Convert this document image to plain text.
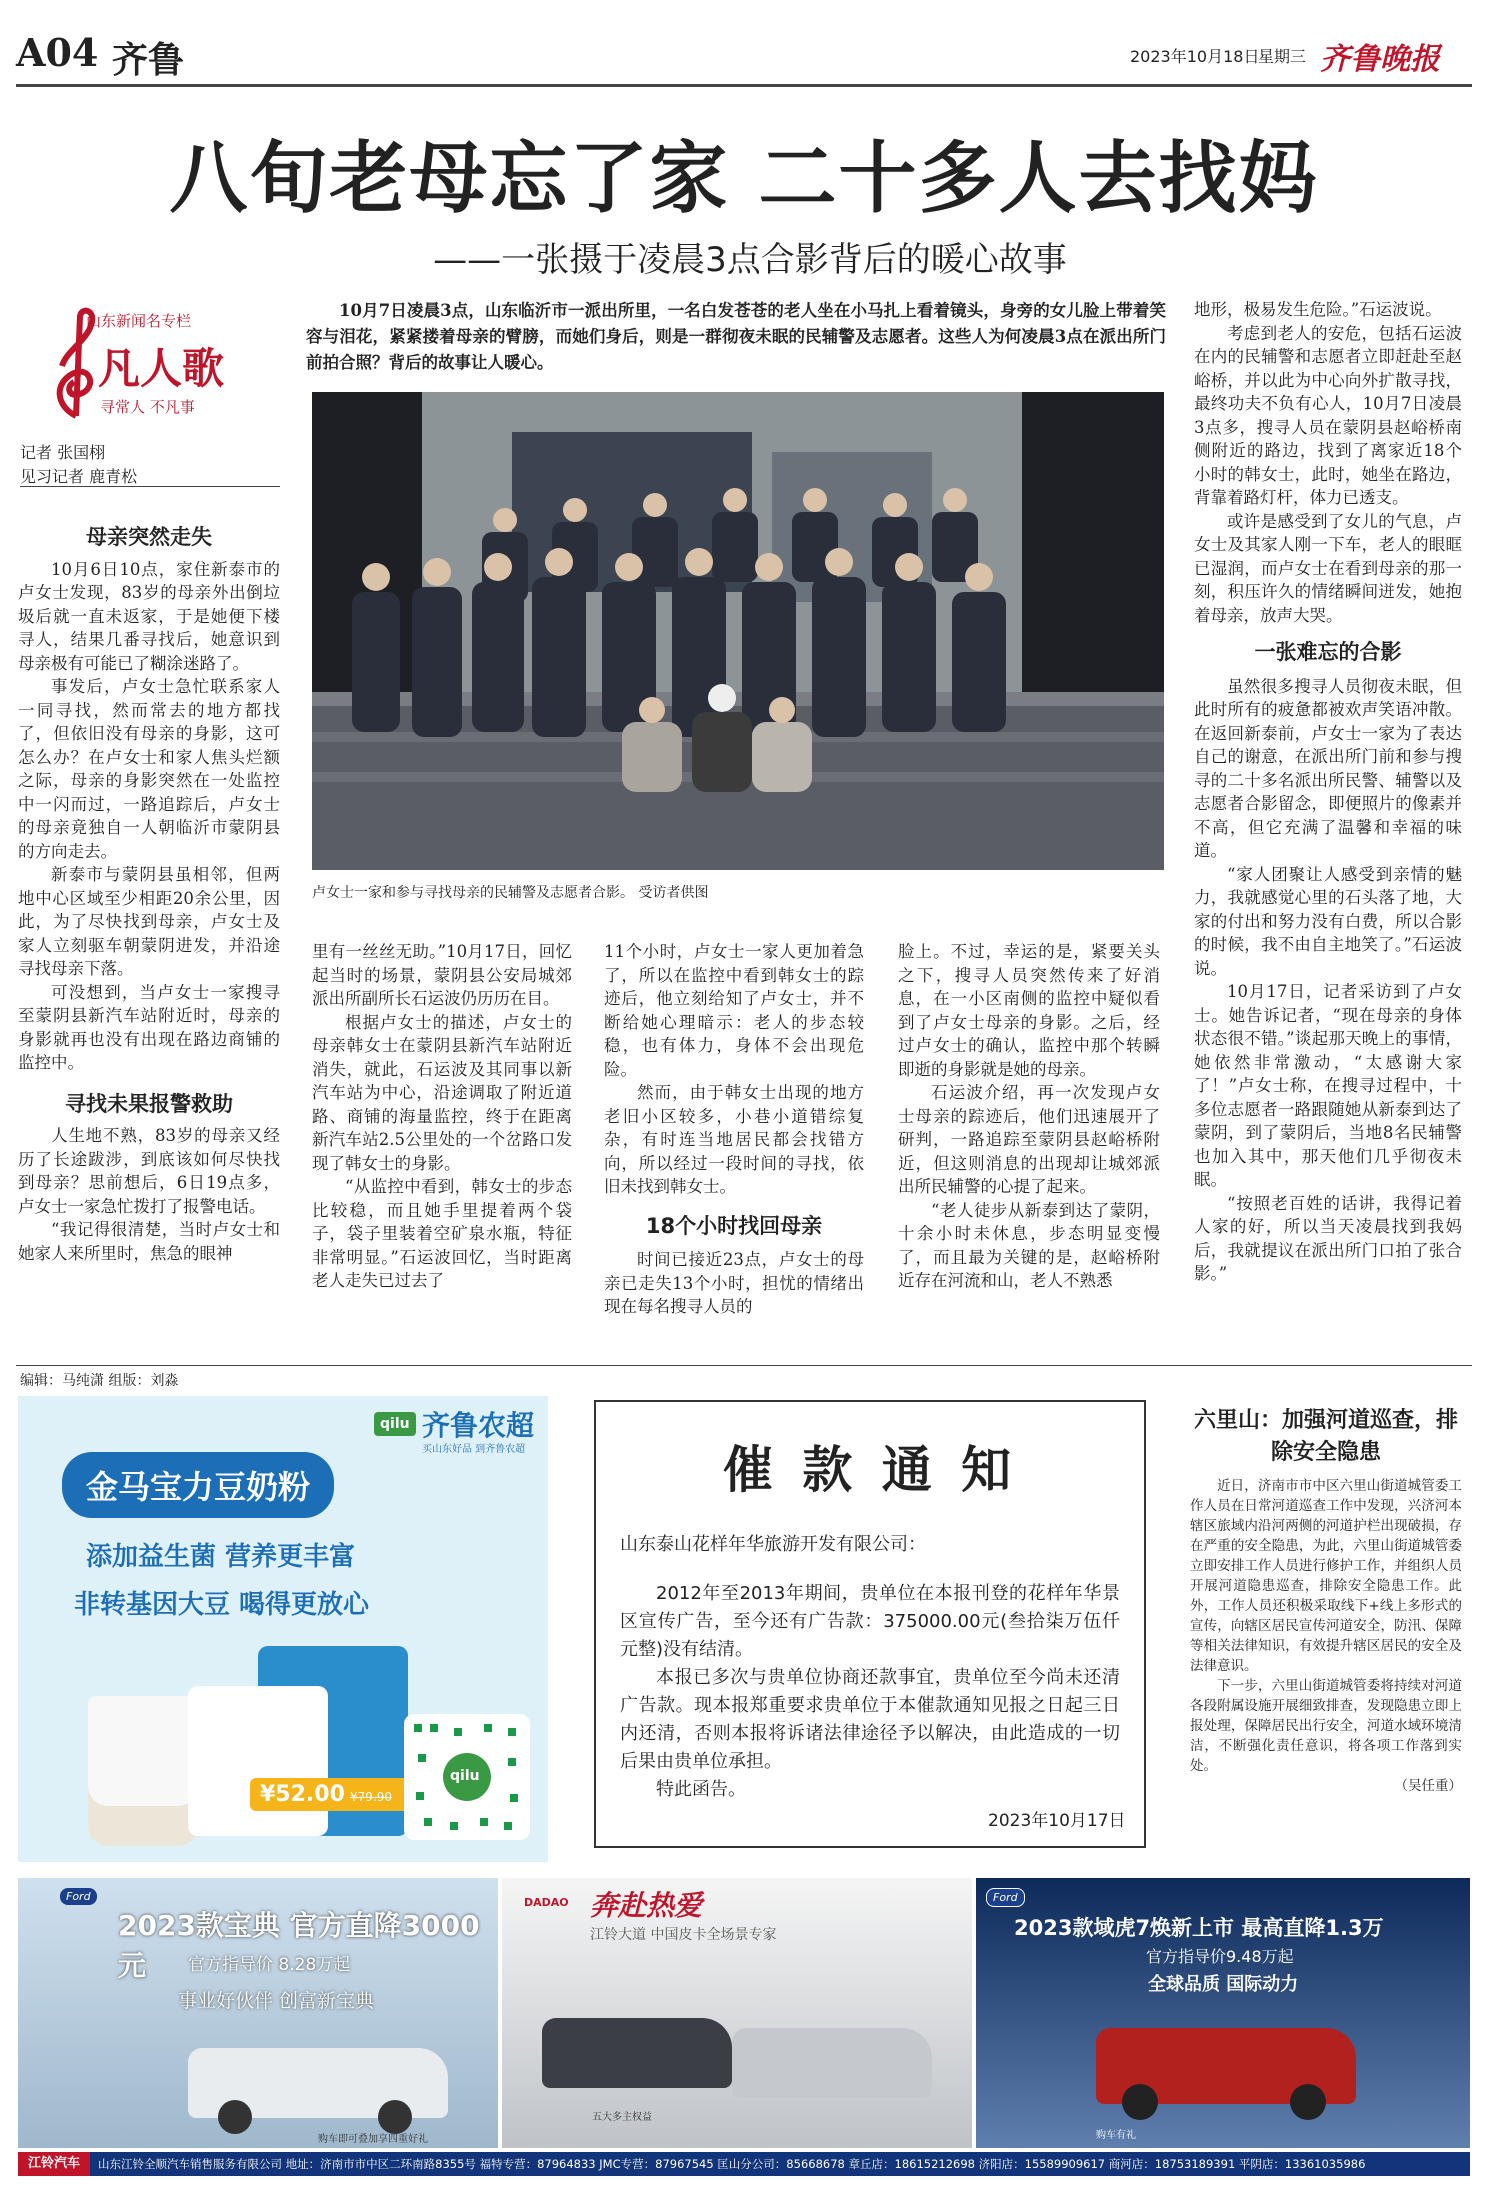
A04 齐鲁	2023年10月18日
星期三 齐鲁晚报
八旬老母忘了家 二十多人去找妈
——一张摄于凌晨3点合影背后的暖心故事
山东新闻名专栏
凡人歌
寻常人 不凡事
记者 张国栩
见习记者 鹿青松
10月7日凌晨3点，山东临沂市一派出所里，一名白发苍苍的老人坐在小马扎上看着镜头，身旁的女儿脸上带着笑容与泪花，紧紧搂着母亲的臂膀，而她们身后，则是一群彻夜未眠的民辅警及志愿者。这些人为何凌晨3点在派出所门前拍合照？背后的故事让人暖心。
卢女士一家和参与寻找母亲的民辅警及志愿者合影。 受访者供图
母亲突然走失

10月6日10点，家住新泰市的卢女士发现，83岁的母亲外出倒垃圾后就一直未返家，于是她便下楼寻人，结果几番寻找后，她意识到母亲极有可能已了糊涂迷路了。

事发后，卢女士急忙联系家人一同寻找，然而常去的地方都找了，但依旧没有母亲的身影，这可怎么办？在卢女士和家人焦头烂额之际，母亲的身影突然在一处监控中一闪而过，一路追踪后，卢女士的母亲竟独自一人朝临沂市蒙阴县的方向走去。

新泰市与蒙阴县虽相邻，但两地中心区域至少相距20余公里，因此，为了尽快找到母亲，卢女士及家人立刻驱车朝蒙阴进发，并沿途寻找母亲下落。

可没想到，当卢女士一家搜寻至蒙阴县新汽车站附近时，母亲的身影就再也没有出现在路边商铺的监控中。

寻找未果报警救助

人生地不熟，83岁的母亲又经历了长途跋涉，到底该如何尽快找到母亲？思前想后，6日19点多，卢女士一家急忙拨打了报警电话。

“我记得很清楚，当时卢女士和她家人来所里时，焦急的眼神

里有一丝丝无助。”10月17日，回忆起当时的场景，蒙阴县公安局城郊派出所副所长石运波仍历历在目。

根据卢女士的描述，卢女士的母亲韩女士在蒙阴县新汽车站附近消失，就此，石运波及其同事以新汽车站为中心，沿途调取了附近道路、商铺的海量监控，终于在距离新汽车站2.5公里处的一个岔路口发现了韩女士的身影。

“从监控中看到，韩女士的步态比较稳，而且她手里提着两个袋子，袋子里装着空矿泉水瓶，特征非常明显。”石运波回忆，当时距离老人走失已过去了

11个小时，卢女士一家人更加着急了，所以在监控中看到韩女士的踪迹后，他立刻给知了卢女士，并不断给她心理暗示：老人的步态较稳，也有体力，身体不会出现危险。

然而，由于韩女士出现的地方老旧小区较多，小巷小道错综复杂，有时连当地居民都会找错方向，所以经过一段时间的寻找，依旧未找到韩女士。

18个小时找回母亲

时间已接近23点，卢女士的母亲已走失13个小时，担忧的情绪出现在每名搜寻人员的

脸上。不过，幸运的是，紧要关头之下，搜寻人员突然传来了好消息，在一小区南侧的监控中疑似看到了卢女士母亲的身影。之后，经过卢女士的确认，监控中那个转瞬即逝的身影就是她的母亲。

石运波介绍，再一次发现卢女士母亲的踪迹后，他们迅速展开了研判，一路追踪至蒙阴县赵峪桥附近，但这则消息的出现却让城郊派出所民辅警的心提了起来。

“老人徒步从新泰到达了蒙阴，十余小时未休息，步态明显变慢了，而且最为关键的是，赵峪桥附近存在河流和山，老人不熟悉

地形，极易发生危险。”石运波说。

考虑到老人的安危，包括石运波在内的民辅警和志愿者立即赶赴至赵峪桥，并以此为中心向外扩散寻找，最终功夫不负有心人，10月7日凌晨3点多，搜寻人员在蒙阴县赵峪桥南侧附近的路边，找到了离家近18个小时的韩女士，此时，她坐在路边，背靠着路灯杆，体力已透支。

或许是感受到了女儿的气息，卢女士及其家人刚一下车，老人的眼眶已湿润，而卢女士在看到母亲的那一刻，积压许久的情绪瞬间迸发，她抱着母亲，放声大哭。

一张难忘的合影

虽然很多搜寻人员彻夜未眠，但此时所有的疲惫都被欢声笑语冲散。在返回新泰前，卢女士一家为了表达自己的谢意，在派出所门前和参与搜寻的二十多名派出所民警、辅警以及志愿者合影留念，即便照片的像素并不高，但它充满了温馨和幸福的味道。

“家人团聚让人感受到亲情的魅力，我就感觉心里的石头落了地，大家的付出和努力没有白费，所以合影的时候，我不由自主地笑了。”石运波说。

10月17日，记者采访到了卢女士。她告诉记者，“现在母亲的身体状态很不错。”谈起那天晚上的事情，她依然非常激动，“太感谢大家了！”卢女士称，在搜寻过程中，十多位志愿者一路跟随她从新泰到达了蒙阴，到了蒙阴后，当地8名民辅警也加入其中，那天他们几乎彻夜未眠。

“按照老百姓的话讲，我得记着人家的好，所以当天凌晨找到我妈后，我就提议在派出所门口拍了张合影。”

编辑：马纯潇 组版：刘淼
qilu 齐鲁农超
买山东好品 到齐鲁农超
金马宝力豆奶粉
添加益生菌 营养更丰富
非转基因大豆 喝得更放心
¥52.00 ¥79.90
qilu
催 款 通 知
山东泰山花样年华旅游开发有限公司：

2012年至2013年期间，贵单位在本报刊登的花样年华景区宣传广告，至今还有广告款：375000.00元(叁拾柒万伍仟元整)没有结清。

本报已多次与贵单位协商还款事宜，贵单位至今尚未还清广告款。现本报郑重要求贵单位于本催款通知见报之日起三日内还清，否则本报将诉诸法律途径予以解决，由此造成的一切后果由贵单位承担。

特此函告。

2023年10月17日
六里山：加强河道巡查，排除安全隐患

近日，济南市市中区六里山街道城管委工作人员在日常河道巡查工作中发现，兴济河本辖区旅域内沿河两侧的河道护栏出现破损，存在严重的安全隐患，为此，六里山街道城管委立即安排工作人员进行修护工作，并组织人员开展河道隐患巡查，排除安全隐患工作。此外，工作人员还积极采取线下+线上多形式的宣传，向辖区居民宣传河道安全，防汛、保障等相关法律知识，有效提升辖区居民的安全及法律意识。

下一步，六里山街道城管委将持续对河道各段附属设施开展细致排查，发现隐患立即上报处理，保障居民出行安全，河道水域环境清洁，不断强化责任意识，将各项工作落到实处。

（吴任重）

Ford
2023款宝典 官方直降3000元	官方指导价 8.28万起
事业好伙伴 创富新宝典
购车即可叠加享四重好礼
DADAO 奔赴热爱
江铃大道 中国皮卡全场景专家
五大多主权益
Ford
2023款域虎7焕新上市 最高直降1.3万
官方指导价9.48万起
全球品质 国际动力
购车有礼
江铃汽车	山东江铃全顺汽车销售服务有限公司 地址：济南市市中区二环南路8355号 福特专营：87964833 JMC专营：87967545 匡山分公司：85668678 章丘店：18615212698 济阳店：15589909617 商河店：18753189391 平阴店：13361035986
